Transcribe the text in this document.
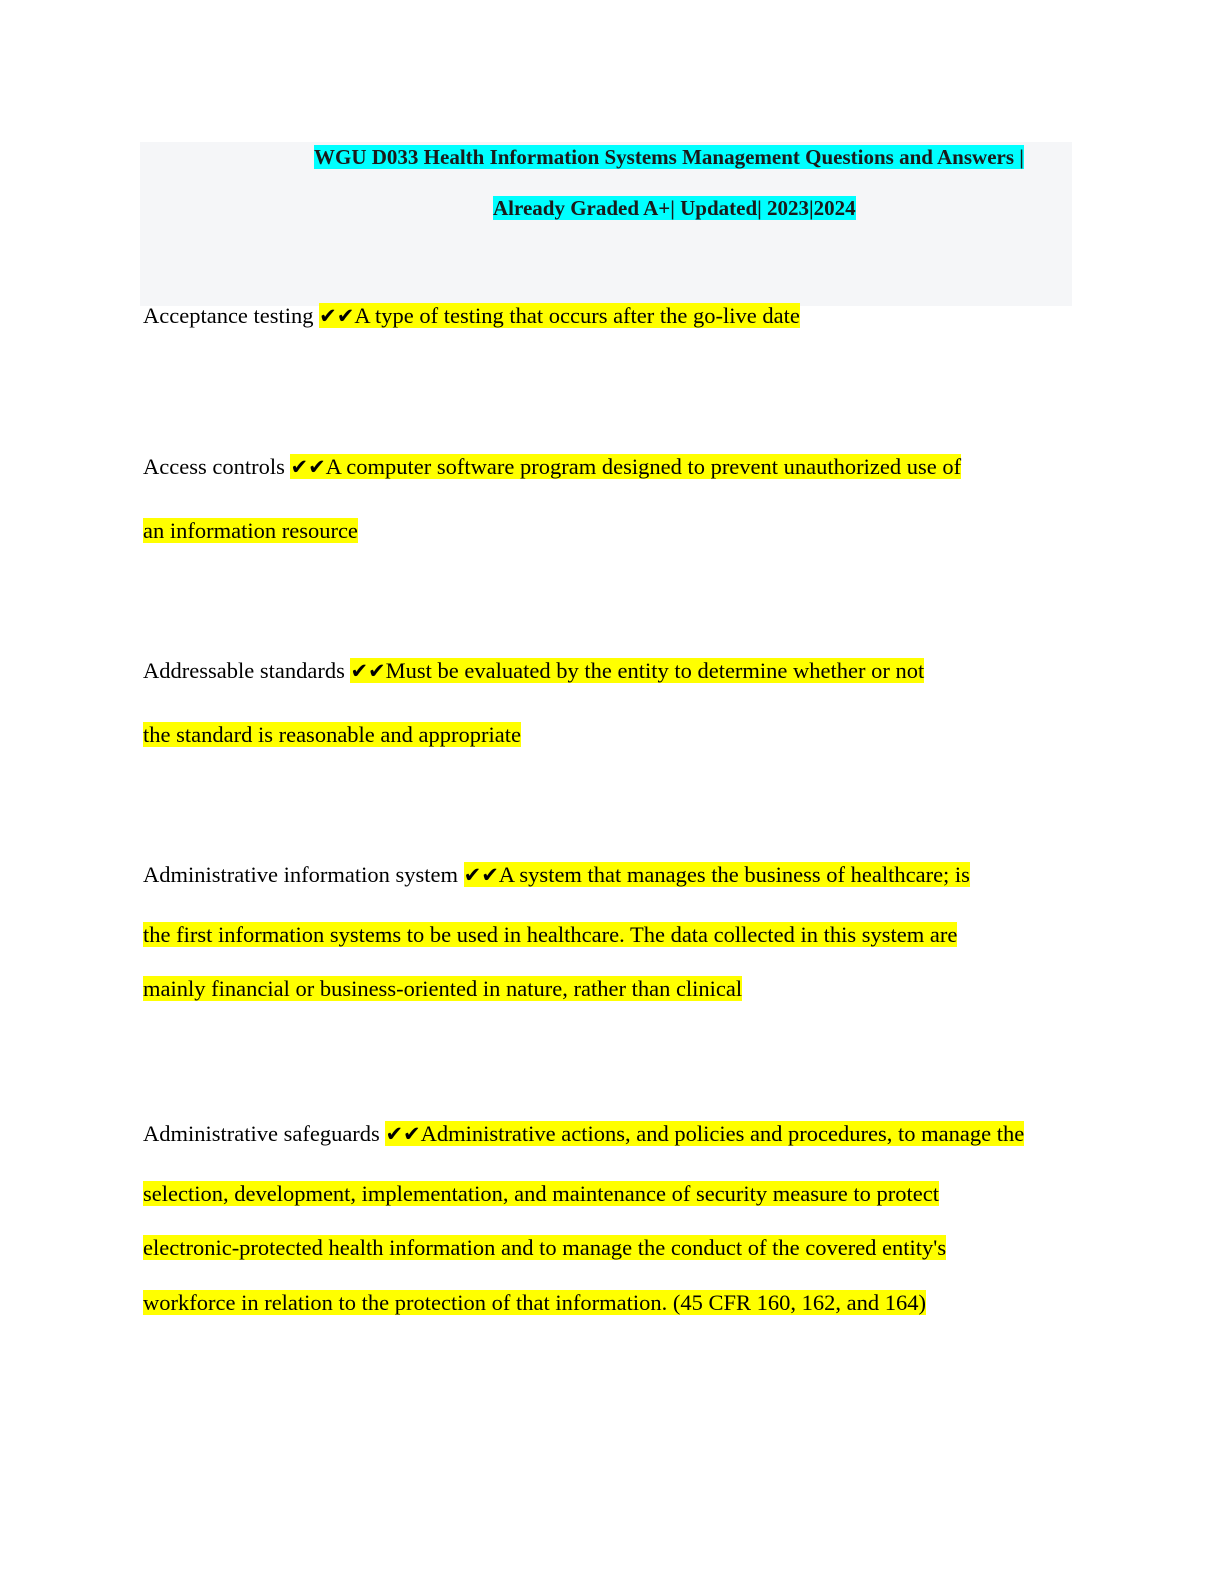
WGU D033 Health Information Systems Management Questions and Answers |
Already Graded A+| Updated| 2023|2024
Acceptance testing ✔✔A type of testing that occurs after the go-live date
Access controls ✔✔A computer software program designed to prevent unauthorized use of
an information resource
Addressable standards ✔✔Must be evaluated by the entity to determine whether or not
the standard is reasonable and appropriate
Administrative information system ✔✔A system that manages the business of healthcare; is
the first information systems to be used in healthcare. The data collected in this system are
mainly financial or business-oriented in nature, rather than clinical
Administrative safeguards ✔✔Administrative actions, and policies and procedures, to manage the
selection, development, implementation, and maintenance of security measure to protect
electronic-protected health information and to manage the conduct of the covered entity's
workforce in relation to the protection of that information. (45 CFR 160, 162, and 164)
